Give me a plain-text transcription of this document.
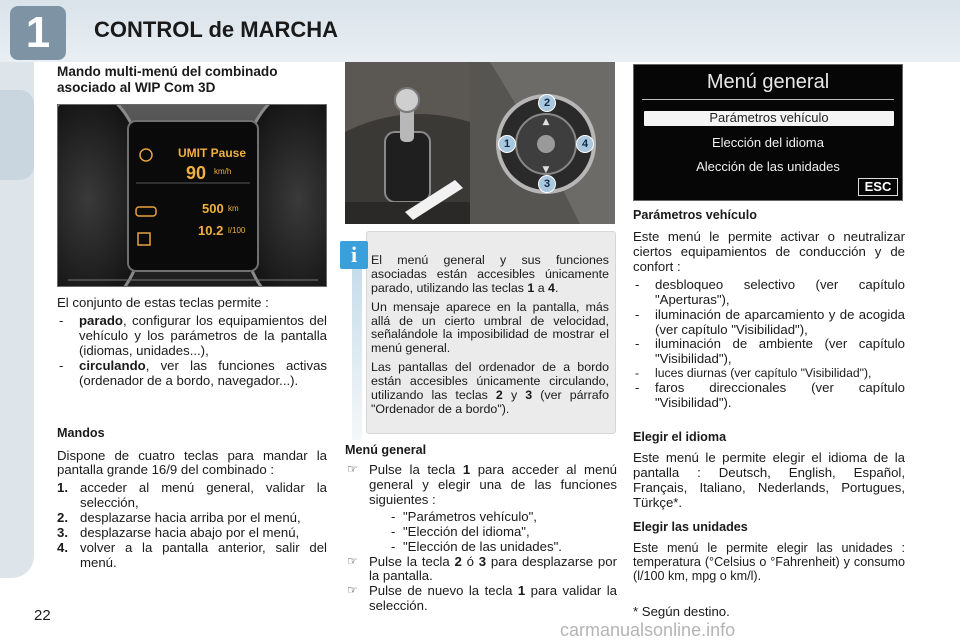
1	CONTROL de MARCHA
Mando multi-menú del combinado asociado al WIP Com 3D
UMIT Pause
90 km/h
500 km
10.2 l/100

El conjunto de estas teclas permite :

- parado, configurar los equipamientos del vehículo y los parámetros de la pantalla (idiomas, unidades...),
- circulando, ver las funciones activas (ordenador de a bordo, navegador...).
Mandos

Dispone de cuatro teclas para mandar la pantalla grande 16/9 del combinado :

1. acceder al menú general, validar la selección,
2. desplazarse hacia arriba por el menú,
3. desplazarse hacia abajo por el menú,
4. volver a la pantalla anterior, salir del menú.
▲
▼
1
2
3
4

El menú general y sus funciones asociadas están accesibles únicamente parado, utilizando las teclas 1 a 4.

Un mensaje aparece en la pantalla, más allá de un cierto umbral de velocidad, señalándole la imposibilidad de mostrar el menú general.

Las pantallas del ordenador de a bordo están accesibles únicamente circulando, utilizando las teclas 2 y 3 (ver párrafo "Ordenador de a bordo").

i
Menú general
☞ Pulse la tecla 1 para acceder al menú general y elegir una de las funciones siguientes :
- "Parámetros vehículo",
- "Elección del idioma",
- "Elección de las unidades".
☞ Pulse la tecla 2 ó 3 para desplazarse por la pantalla.
☞ Pulse de nuevo la tecla 1 para validar la selección.
Menú general
Parámetros vehículo
Elección del idioma
Alección de las unidades
ESC
Parámetros vehículo

Este menú le permite activar o neutralizar ciertos equipamientos de conducción y de confort :

- desbloqueo selectivo (ver capítulo "Aperturas"),
- iluminación de aparcamiento y de acogida (ver capítulo "Visibilidad"),
- iluminación de ambiente (ver capítulo "Visibilidad"),
- luces diurnas (ver capítulo "Visibilidad"),
- faros direccionales (ver capítulo "Visibilidad").
Elegir el idioma

Este menú le permite elegir el idioma de la pantalla : Deutsch, English, Español, Français, Italiano, Nederlands, Portugues, Türkçe*.

Elegir las unidades

Este menú le permite elegir las unidades : temperatura (°Celsius o °Fahrenheit) y consumo (l/100 km, mpg o km/l).

* Según destino.

22
carmanualsonline.info
